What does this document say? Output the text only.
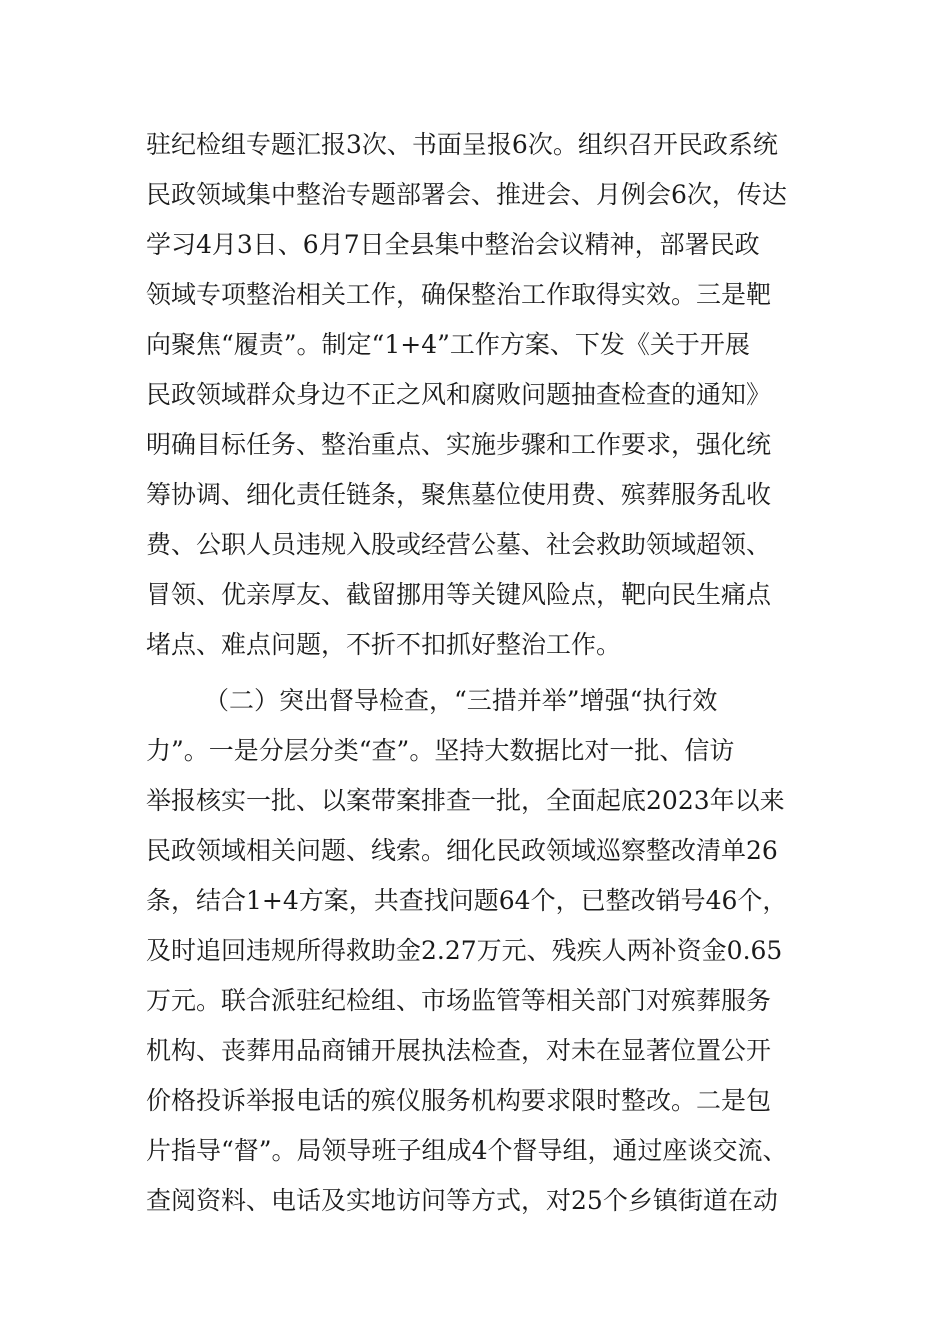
驻纪检组专题汇报3次、书面呈报6次。组织召开民政系统
民政领域集中整治专题部署会、推进会、月例会6次，传达
学习4月3日、6月7日全县集中整治会议精神，部署民政
领域专项整治相关工作，确保整治工作取得实效。三是靶
向聚焦“履责”。制定“1+4”工作方案、下发《关于开展
民政领域群众身边不正之风和腐败问题抽查检查的通知》
明确目标任务、整治重点、实施步骤和工作要求，强化统
筹协调、细化责任链条，聚焦墓位使用费、殡葬服务乱收
费、公职人员违规入股或经营公墓、社会救助领域超领、
冒领、优亲厚友、截留挪用等关键风险点，靶向民生痛点
堵点、难点问题，不折不扣抓好整治工作。
（二）突出督导检查，“三措并举”增强“执行效
力”。一是分层分类“查”。坚持大数据比对一批、信访
举报核实一批、以案带案排查一批，全面起底2023年以来
民政领域相关问题、线索。细化民政领域巡察整改清单26
条，结合1+4方案，共查找问题64个，已整改销号46个，
及时追回违规所得救助金2.27万元、残疾人两补资金0.65
万元。联合派驻纪检组、市场监管等相关部门对殡葬服务
机构、丧葬用品商铺开展执法检查，对未在显著位置公开
价格投诉举报电话的殡仪服务机构要求限时整改。二是包
片指导“督”。局领导班子组成4个督导组，通过座谈交流、
查阅资料、电话及实地访问等方式，对25个乡镇街道在动
